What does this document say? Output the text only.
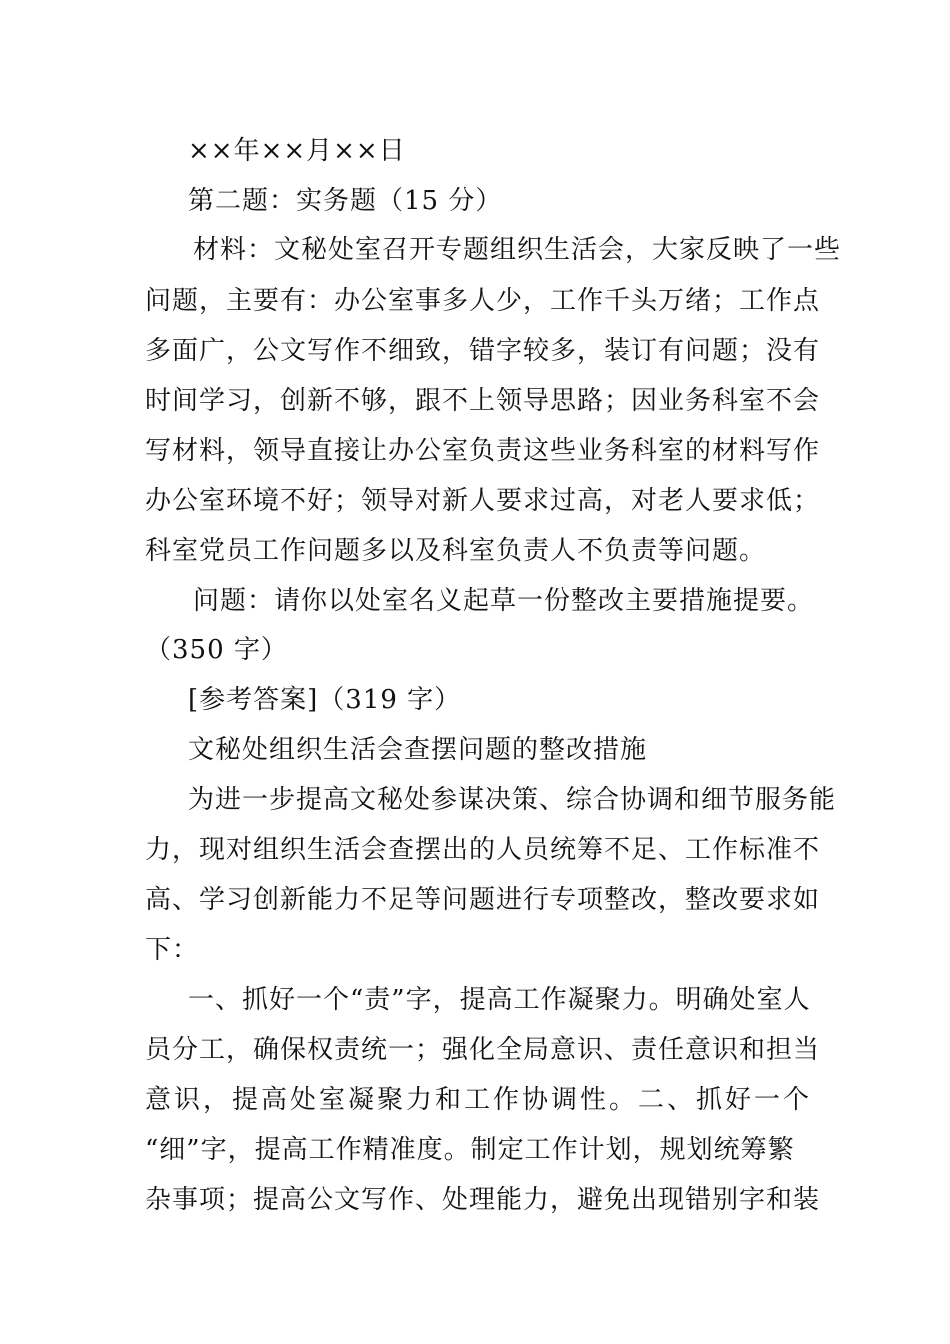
××年××月××日
第二题：实务题（15 分）
材料：文秘处室召开专题组织生活会，大家反映了一些
问题，主要有：办公室事多人少，工作千头万绪；工作点
多面广，公文写作不细致，错字较多，装订有问题；没有
时间学习，创新不够，跟不上领导思路；因业务科室不会
写材料，领导直接让办公室负责这些业务科室的材料写作
办公室环境不好；领导对新人要求过高，对老人要求低；
科室党员工作问题多以及科室负责人不负责等问题。
问题：请你以处室名义起草一份整改主要措施提要。
（350 字）
[参考答案]（319 字）
文秘处组织生活会查摆问题的整改措施
为进一步提高文秘处参谋决策、综合协调和细节服务能
力，现对组织生活会查摆出的人员统筹不足、工作标准不
高、学习创新能力不足等问题进行专项整改，整改要求如
下：
一、抓好一个“责”字，提高工作凝聚力。明确处室人
员分工，确保权责统一；强化全局意识、责任意识和担当
意识，提高处室凝聚力和工作协调性。二、抓好一个
“细”字，提高工作精准度。制定工作计划，规划统筹繁
杂事项；提高公文写作、处理能力，避免出现错别字和装
